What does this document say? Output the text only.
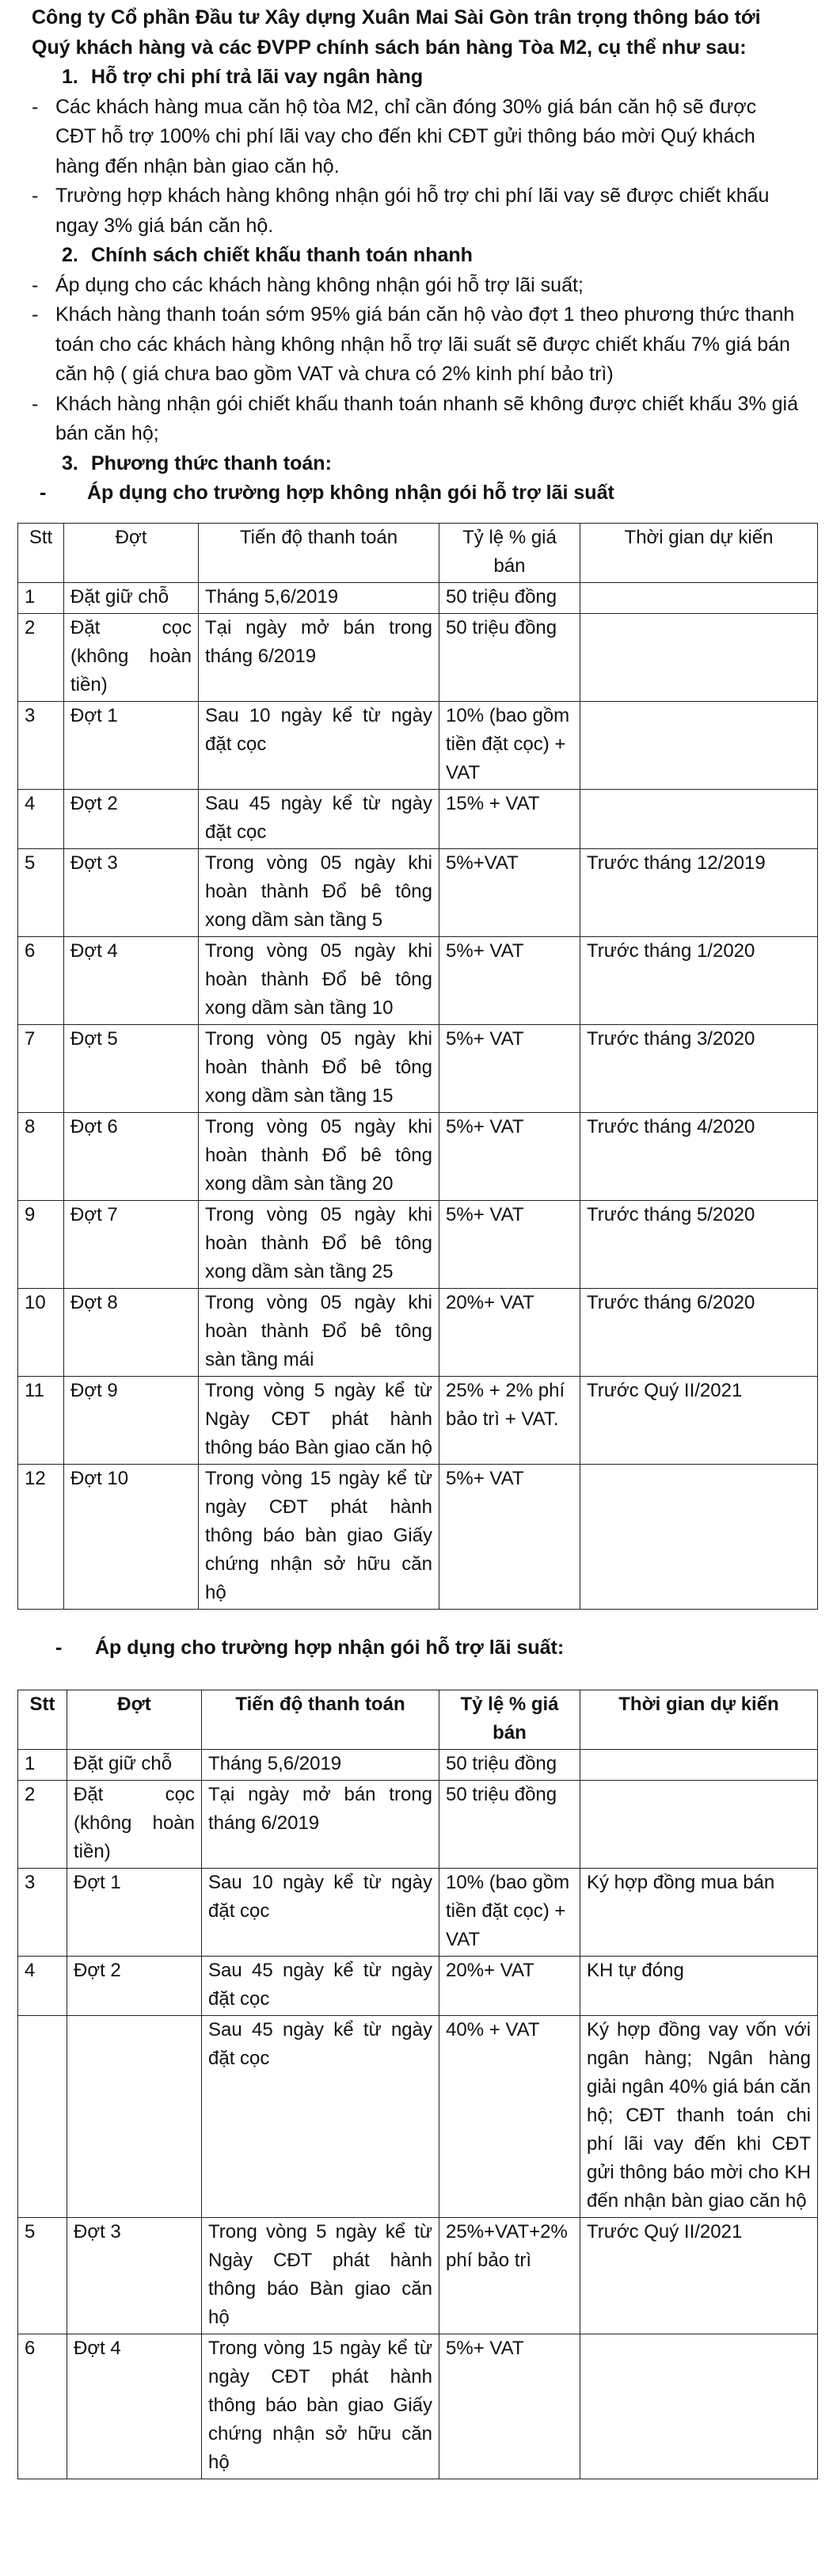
Công ty Cổ phần Đầu tư Xây dựng Xuân Mai Sài Gòn trân trọng thông báo tới Quý khách hàng và các ĐVPP chính sách bán hàng Tòa M2, cụ thể như sau:

1. Hỗ trợ chi phí trả lãi vay ngân hàng

- Các khách hàng mua căn hộ tòa M2, chỉ cần đóng 30% giá bán căn hộ sẽ được CĐT hỗ trợ 100% chi phí lãi vay cho đến khi CĐT gửi thông báo mời Quý khách hàng đến nhận bàn giao căn hộ.
- Trường hợp khách hàng không nhận gói hỗ trợ chi phí lãi vay sẽ được chiết khấu ngay 3% giá bán căn hộ.

2. Chính sách chiết khấu thanh toán nhanh

- Áp dụng cho các khách hàng không nhận gói hỗ trợ lãi suất;
- Khách hàng thanh toán sớm 95% giá bán căn hộ vào đợt 1 theo phương thức thanh toán cho các khách hàng không nhận hỗ trợ lãi suất sẽ được chiết khấu 7% giá bán căn hộ ( giá chưa bao gồm VAT và chưa có 2% kinh phí bảo trì)
- Khách hàng nhận gói chiết khấu thanh toán nhanh sẽ không được chiết khấu 3% giá bán căn hộ;

3. Phương thức thanh toán:

-	Áp dụng cho trường hợp không nhận gói hỗ trợ lãi suất
Stt	Đợt	Tiến độ thanh toán	Tỷ lệ % giá bán	Thời gian dự kiến
1	Đặt giữ chỗ	Tháng 5,6/2019	50 triệu đồng	
2	Đặt cọc (không hoàn tiền)	Tại ngày mở bán trong tháng 6/2019	50 triệu đồng	
3	Đợt 1	Sau 10 ngày kể từ ngày đặt cọc	10% (bao gồm tiền đặt cọc) + VAT	
4	Đợt 2	Sau 45 ngày kể từ ngày đặt cọc	15% + VAT	
5	Đợt 3	Trong vòng 05 ngày khi hoàn thành Đổ bê tông xong dầm sàn tầng 5	5%+VAT	Trước tháng 12/2019
6	Đợt 4	Trong vòng 05 ngày khi hoàn thành Đổ bê tông xong dầm sàn tầng 10	5%+ VAT	Trước tháng 1/2020
7	Đợt 5	Trong vòng 05 ngày khi hoàn thành Đổ bê tông xong dầm sàn tầng 15	5%+ VAT	Trước tháng 3/2020
8	Đợt 6	Trong vòng 05 ngày khi hoàn thành Đổ bê tông xong dầm sàn tầng 20	5%+ VAT	Trước tháng 4/2020
9	Đợt 7	Trong vòng 05 ngày khi hoàn thành Đổ bê tông xong dầm sàn tầng 25	5%+ VAT	Trước tháng 5/2020
10	Đợt 8	Trong vòng 05 ngày khi hoàn thành Đổ bê tông sàn tầng mái	20%+ VAT	Trước tháng 6/2020
11	Đợt 9	Trong vòng 5 ngày kể từ Ngày CĐT phát hành thông báo Bàn giao căn hộ	25% + 2% phí bảo trì + VAT.	Trước Quý II/2021
12	Đợt 10	Trong vòng 15 ngày kể từ ngày CĐT phát hành thông báo bàn giao Giấy chứng nhận sở hữu căn hộ	5%+ VAT	
-	Áp dụng cho trường hợp nhận gói hỗ trợ lãi suất:
Stt	Đợt	Tiến độ thanh toán	Tỷ lệ % giá bán	Thời gian dự kiến
1	Đặt giữ chỗ	Tháng 5,6/2019	50 triệu đồng	
2	Đặt cọc (không hoàn tiền)	Tại ngày mở bán trong tháng 6/2019	50 triệu đồng	
3	Đợt 1	Sau 10 ngày kể từ ngày đặt cọc	10% (bao gồm tiền đặt cọc) + VAT	Ký hợp đồng mua bán
4	Đợt 2	Sau 45 ngày kể từ ngày đặt cọc	20%+ VAT	KH tự đóng
		Sau 45 ngày kể từ ngày đặt cọc	40% + VAT	Ký hợp đồng vay vốn với ngân hàng; Ngân hàng giải ngân 40% giá bán căn hộ; CĐT thanh toán chi phí lãi vay đến khi CĐT gửi thông báo mời cho KH đến nhận bàn giao căn hộ
5	Đợt 3	Trong vòng 5 ngày kể từ Ngày CĐT phát hành thông báo Bàn giao căn hộ	25%+VAT+2% phí bảo trì	Trước Quý II/2021
6	Đợt 4	Trong vòng 15 ngày kể từ ngày CĐT phát hành thông báo bàn giao Giấy chứng nhận sở hữu căn hộ	5%+ VAT	
